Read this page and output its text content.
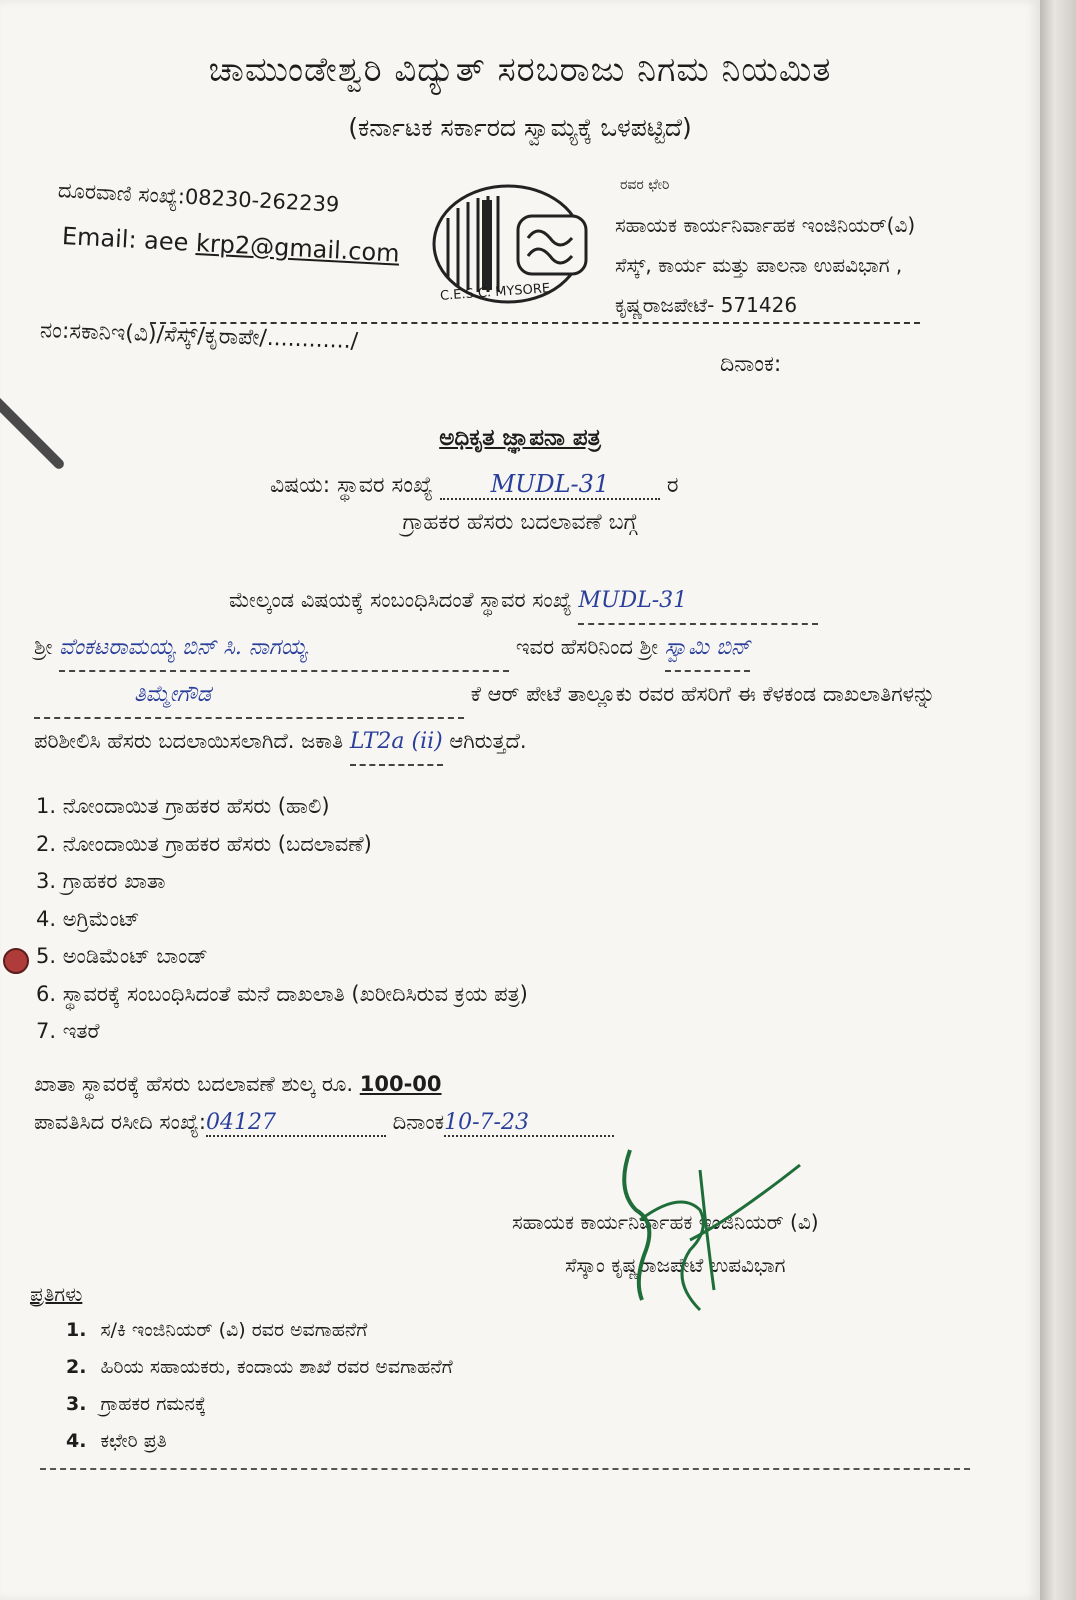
ಚಾಮುಂಡೇಶ್ವರಿ ವಿದ್ಯುತ್ ಸರಬರಾಜು ನಿಗಮ ನಿಯಮಿತ
(ಕರ್ನಾಟಕ ಸರ್ಕಾರದ ಸ್ವಾಮ್ಯಕ್ಕೆ ಒಳಪಟ್ಟಿದೆ)
ದೂರವಾಣಿ ಸಂಖ್ಯೆ:08230-262239
Email: aee krp2@gmail.com
C.E.S.C. MYSORE
ರವರ ಛೇರಿ
ಸಹಾಯಕ ಕಾರ್ಯನಿರ್ವಾಹಕ ಇಂಜಿನಿಯರ್(ವಿ)
ಸೆಸ್ಕ್, ಕಾರ್ಯ ಮತ್ತು ಪಾಲನಾ ಉಪವಿಭಾಗ ,
ಕೃಷ್ಣರಾಜಪೇಟೆ- 571426
ನಂ:ಸಕಾನಿಇ(ವಿ)/ಸೆಸ್ಕ್/ಕೃರಾಪೇ/............/
ದಿನಾಂಕ:
ಅಧಿಕೃತ ಜ್ಞಾಪನಾ ಪತ್ರ
ವಿಷಯ: ಸ್ಥಾವರ ಸಂಖ್ಯೆ MUDL-31	ರ
ಗ್ರಾಹಕರ ಹೆಸರು ಬದಲಾವಣೆ ಬಗ್ಗೆ
ಮೇಲ್ಕಂಡ ವಿಷಯಕ್ಕೆ ಸಂಬಂಧಿಸಿದಂತೆ ಸ್ಥಾವರ ಸಂಖ್ಯೆ MUDL-31
ಶ್ರೀ ವೆಂಕಟರಾಮಯ್ಯ ಬಿನ್ ಸಿ. ನಾಗಯ್ಯ	ಇವರ ಹೆಸರಿನಿಂದ ಶ್ರೀ ಸ್ವಾಮಿ ಬಿನ್
ತಿಮ್ಮೇಗೌಡ	ಕೆ ಆರ್ ಪೇಟೆ ತಾಲ್ಲೂಕು ರವರ ಹೆಸರಿಗೆ ಈ ಕೆಳಕಂಡ ದಾಖಲಾತಿಗಳನ್ನು
ಪರಿಶೀಲಿಸಿ ಹೆಸರು ಬದಲಾಯಿಸಲಾಗಿದೆ. ಜಕಾತಿ LT2a (ii) ಆಗಿರುತ್ತದೆ.
1. ನೋಂದಾಯಿತ ಗ್ರಾಹಕರ ಹೆಸರು (ಹಾಲಿ)
2. ನೋಂದಾಯಿತ ಗ್ರಾಹಕರ ಹೆಸರು (ಬದಲಾವಣೆ)
3. ಗ್ರಾಹಕರ ಖಾತಾ
4. ಅಗ್ರಿಮೆಂಟ್
5. ಅಂಡಿಮೆಂಟ್ ಬಾಂಡ್
6. ಸ್ಥಾವರಕ್ಕೆ ಸಂಬಂಧಿಸಿದಂತೆ ಮನೆ ದಾಖಲಾತಿ (ಖರೀದಿಸಿರುವ ಕ್ರಯ ಪತ್ರ)
7. ಇತರೆ
ಖಾತಾ ಸ್ಥಾವರಕ್ಕೆ ಹೆಸರು ಬದಲಾವಣೆ ಶುಲ್ಕ ರೂ. 100-00
ಪಾವತಿಸಿದ ರಸೀದಿ ಸಂಖ್ಯೆ:04127	ದಿನಾಂಕ10-7-23
ಸಹಾಯಕ ಕಾರ್ಯನಿರ್ವಾಹಕ ಇಂಜಿನಿಯರ್ (ವಿ)
ಸೆಸ್ಕಾಂ ಕೃಷ್ಣರಾಜಪೇಟೆ ಉಪವಿಭಾಗ
ಪ್ರತಿಗಳು
1. ಸ/ಕಿ ಇಂಜಿನಿಯರ್ (ವಿ) ರವರ ಅವಗಾಹನೆಗೆ
2. ಹಿರಿಯ ಸಹಾಯಕರು, ಕಂದಾಯ ಶಾಖೆ ರವರ ಅವಗಾಹನೆಗೆ
3. ಗ್ರಾಹಕರ ಗಮನಕ್ಕೆ
4. ಕಛೇರಿ ಪ್ರತಿ
